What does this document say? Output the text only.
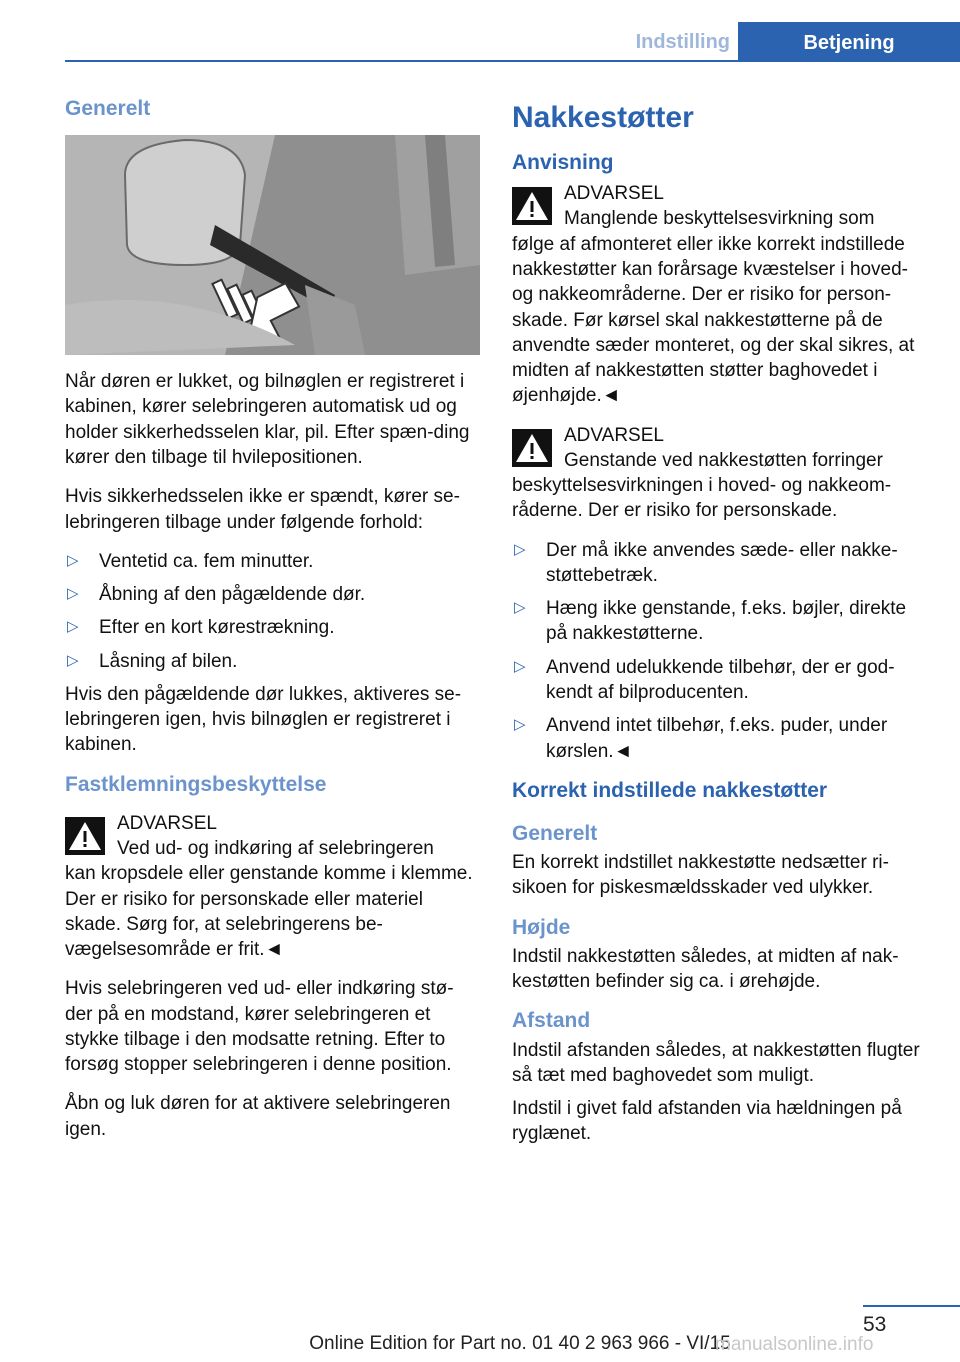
Indstilling	Betjening
Generelt

Når døren er lukket, og bilnøglen er registreret i kabinen, kører selebringeren automatisk ud og holder sikkerhedsselen klar, pil. Efter spæn-ding kører den tilbage til hvilepositionen.

Hvis sikkerhedsselen ikke er spændt, kører se-lebringeren tilbage under følgende forhold:

▷ Ventetid ca. fem minutter.
▷ Åbning af den pågældende dør.
▷ Efter en kort kørestrækning.
▷ Låsning af bilen.

Hvis den pågældende dør lukkes, aktiveres se-lebringeren igen, hvis bilnøglen er registreret i kabinen.

Fastklemningsbeskyttelse
ADVARSEL
Ved ud- og indkøring af selebringeren
kan kropsdele eller genstande komme i klemme. Der er risiko for personskade eller materiel skade. Sørg for, at selebringerens be-vægelsesområde er frit.◄

Hvis selebringeren ved ud- eller indkøring stø-der på en modstand, kører selebringeren et stykke tilbage i den modsatte retning. Efter to forsøg stopper selebringeren i denne position.

Åbn og luk døren for at aktivere selebringeren igen.

Nakkestøtter
Anvisning
ADVARSEL
Manglende beskyttelsesvirkning som
følge af afmonteret eller ikke korrekt indstillede nakkestøtter kan forårsage kvæstelser i hoved- og nakkeområderne. Der er risiko for person-skade. Før kørsel skal nakkestøtterne på de anvendte sæder monteret, og der skal sikres, at midten af nakkestøtten støtter baghovedet i øjenhøjde.◄
ADVARSEL
Genstande ved nakkestøtten forringer
beskyttelsesvirkningen i hoved- og nakkeom-råderne. Der er risiko for personskade.
▷ Der må ikke anvendes sæde- eller nakke-støttebetræk.
▷ Hæng ikke genstande, f.eks. bøjler, direkte på nakkestøtterne.
▷ Anvend udelukkende tilbehør, der er god-kendt af bilproducenten.
▷ Anvend intet tilbehør, f.eks. puder, under kørslen.◄
Korrekt indstillede nakkestøtter
Generelt

En korrekt indstillet nakkestøtte nedsætter ri-sikoen for piskesmældsskader ved ulykker.

Højde

Indstil nakkestøtten således, at midten af nak-kestøtten befinder sig ca. i ørehøjde.

Afstand

Indstil afstanden således, at nakkestøtten flugter så tæt med baghovedet som muligt.

Indstil i givet fald afstanden via hældningen på ryglænet.

53
Online Edition for Part no. 01 40 2 963 966 - VI/15
manualsonline.info
